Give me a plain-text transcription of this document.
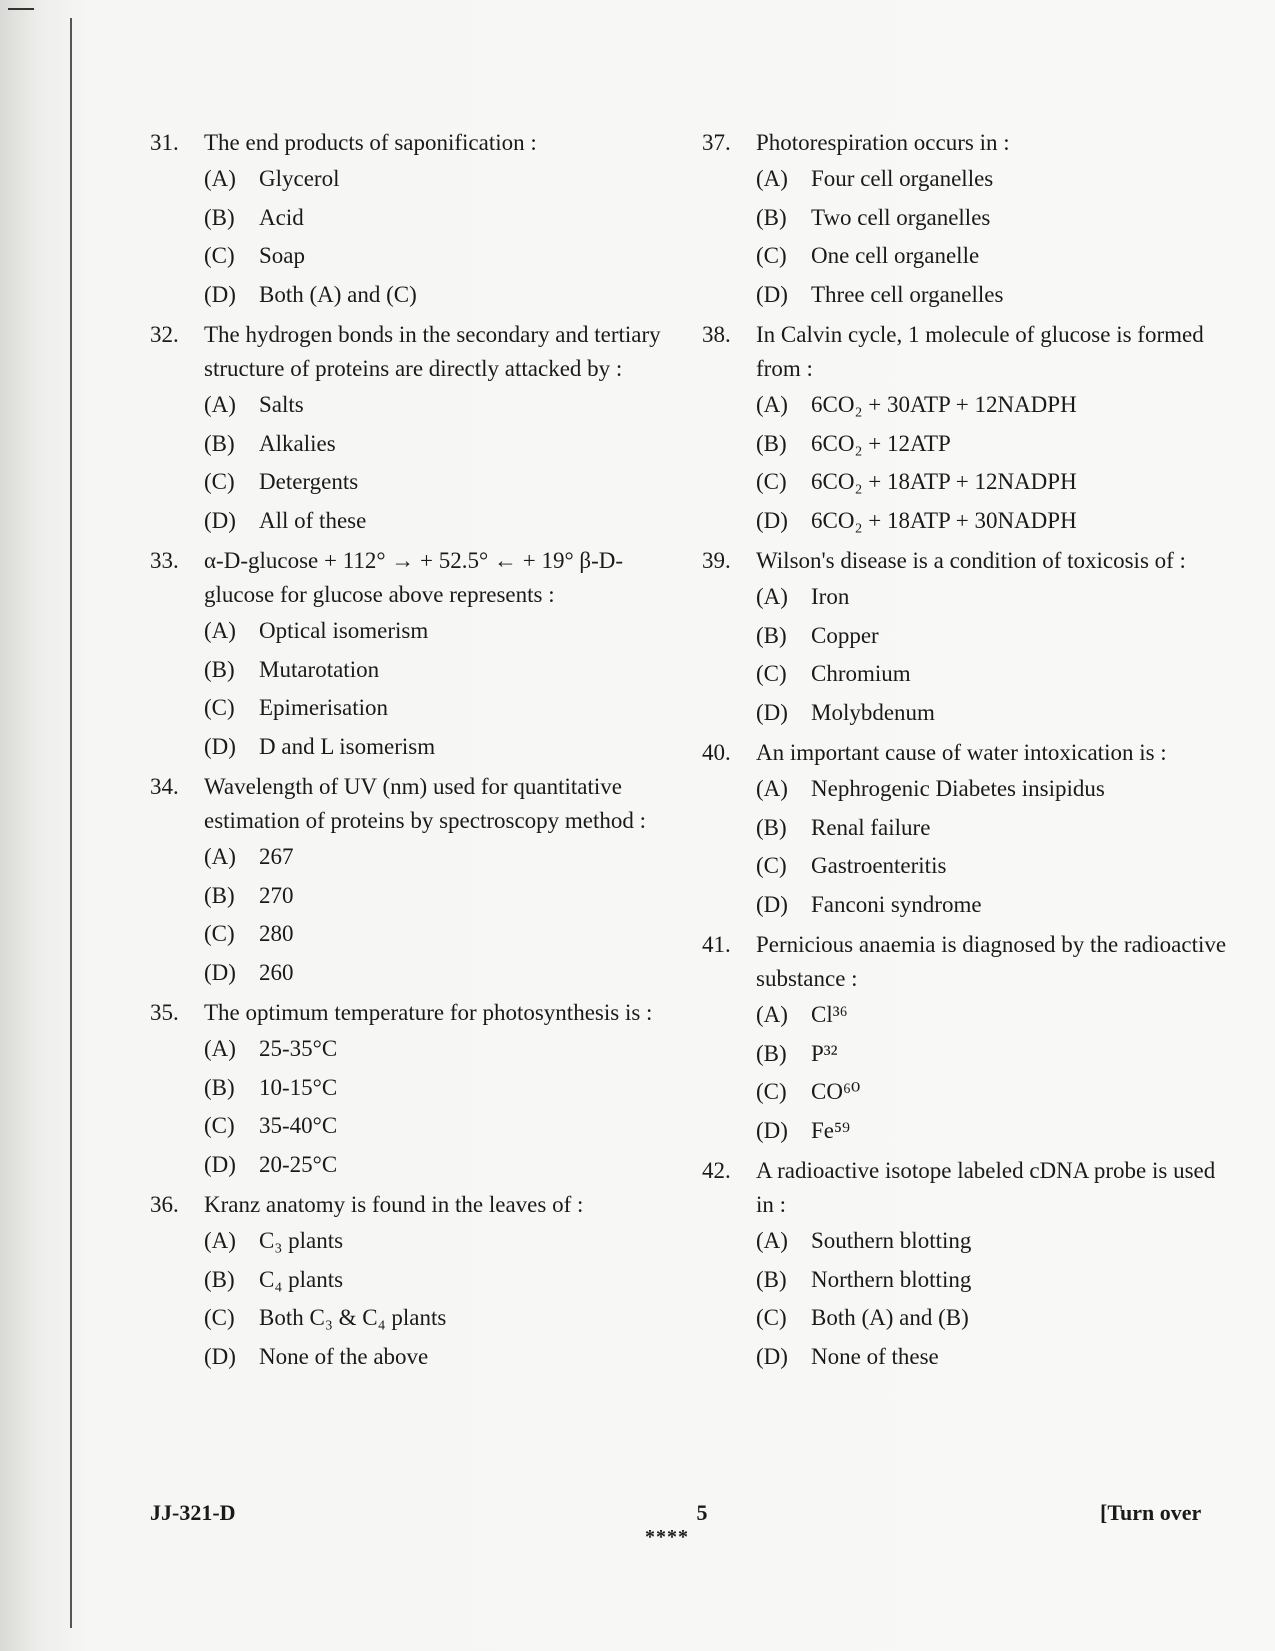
31.	The end products of saponification :
(A)	Glycerol
(B)	Acid
(C)	Soap
(D)	Both (A) and (C)
32.	The hydrogen bonds in the secondary and tertiary structure of proteins are directly attacked by :
(A)	Salts
(B)	Alkalies
(C)	Detergents
(D)	All of these
33.	α-D-glucose + 112° → + 52.5° ← + 19° β-D-glucose for glucose above represents :
(A)	Optical isomerism
(B)	Mutarotation
(C)	Epimerisation
(D)	D and L isomerism
34.	Wavelength of UV (nm) used for quantitative estimation of proteins by spectroscopy method :
(A)	267
(B)	270
(C)	280
(D)	260
35.	The optimum temperature for photosynthesis is :
(A)	25-35°C
(B)	10-15°C
(C)	35-40°C
(D)	20-25°C
36.	Kranz anatomy is found in the leaves of :
(A)	C₃ plants
(B)	C₄ plants
(C)	Both C₃ & C₄ plants
(D)	None of the above
37.	Photorespiration occurs in :
(A)	Four cell organelles
(B)	Two cell organelles
(C)	One cell organelle
(D)	Three cell organelles
38.	In Calvin cycle, 1 molecule of glucose is formed from :
(A)	6CO₂ + 30ATP + 12NADPH
(B)	6CO₂ + 12ATP
(C)	6CO₂ + 18ATP + 12NADPH
(D)	6CO₂ + 18ATP + 30NADPH
39.	Wilson's disease is a condition of toxicosis of :
(A)	Iron
(B)	Copper
(C)	Chromium
(D)	Molybdenum
40.	An important cause of water intoxication is :
(A)	Nephrogenic Diabetes insipidus
(B)	Renal failure
(C)	Gastroenteritis
(D)	Fanconi syndrome
41.	Pernicious anaemia is diagnosed by the radioactive substance :
(A)	Cl³⁶
(B)	P³²
(C)	CO⁶⁰
(D)	Fe⁵⁹
42.	A radioactive isotope labeled cDNA probe is used in :
(A)	Southern blotting
(B)	Northern blotting
(C)	Both (A) and (B)
(D)	None of these
JJ-321-D	5
****
[Turn over
